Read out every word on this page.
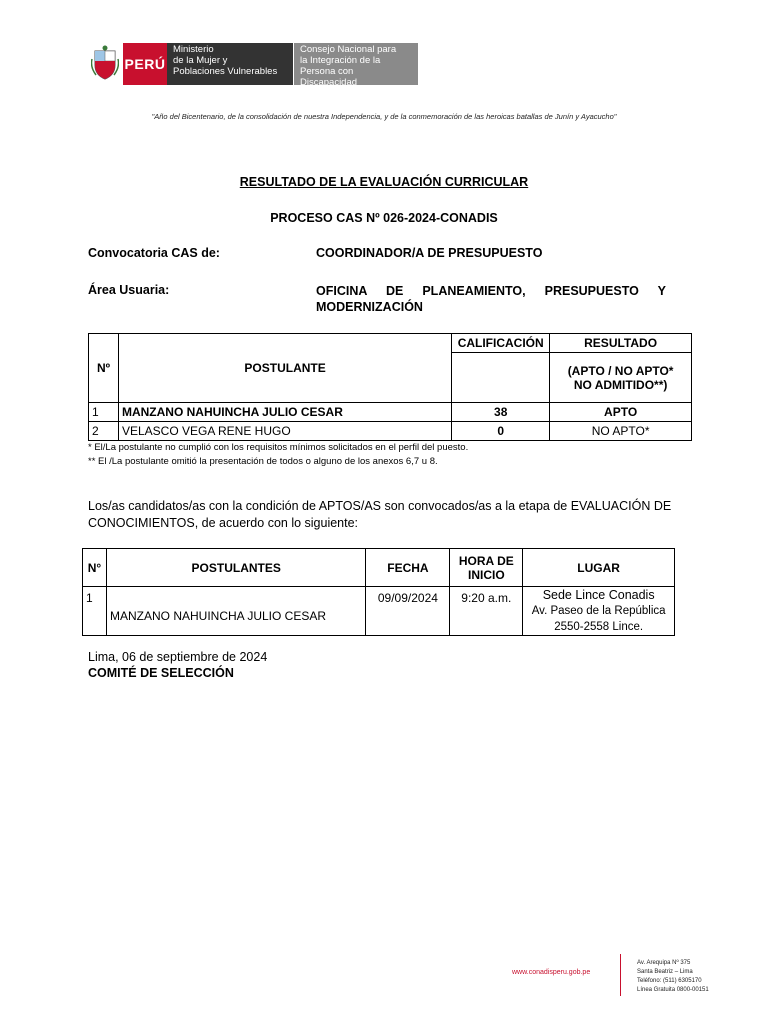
PERÚ
Ministerio
de la Mujer y
Poblaciones Vulnerables
Consejo Nacional para
la Integración de la
Persona con Discapacidad
"Año del Bicentenario, de la consolidación de nuestra Independencia, y de la conmemoración de las heroicas batallas de Junín y Ayacucho"
RESULTADO DE LA EVALUACIÓN CURRICULAR
PROCESO CAS Nº 026-2024-CONADIS
Convocatoria CAS de:	COORDINADOR/A DE PRESUPUESTO
Área Usuaria:	OFICINA DE PLANEAMIENTO, PRESUPUESTO Y
MODERNIZACIÓN
Nº	POSTULANTE	CALIFICACIÓN	RESULTADO

			(APTO / NO APTO*
NO ADMITIDO**)

1	MANZANO NAHUINCHA JULIO CESAR	38	APTO
2	VELASCO VEGA RENE HUGO	0	NO APTO*
* El/La postulante no cumplió con los requisitos mínimos solicitados en el perfil del puesto.
** El /La postulante omitió la presentación de todos o alguno de los anexos 6,7 u 8.
Los/as candidatos/as con la condición de APTOS/AS son convocados/as a la etapa de EVALUACIÓN DE CONOCIMIENTOS, de acuerdo con lo siguiente:
N°	POSTULANTES	FECHA	HORA DE
INICIO	LUGAR
1	MANZANO NAHUINCHA JULIO CESAR	09/09/2024	9:20 a.m.	Sede Lince Conadis
Av. Paseo de la República
2550-2558 Lince.
Lima, 06 de septiembre de 2024
COMITÉ DE SELECCIÓN
www.conadisperu.gob.pe
Av. Arequipa Nº 375
Santa Beatriz – Lima
Teléfono: (511) 6305170
Línea Gratuita 0800-00151
